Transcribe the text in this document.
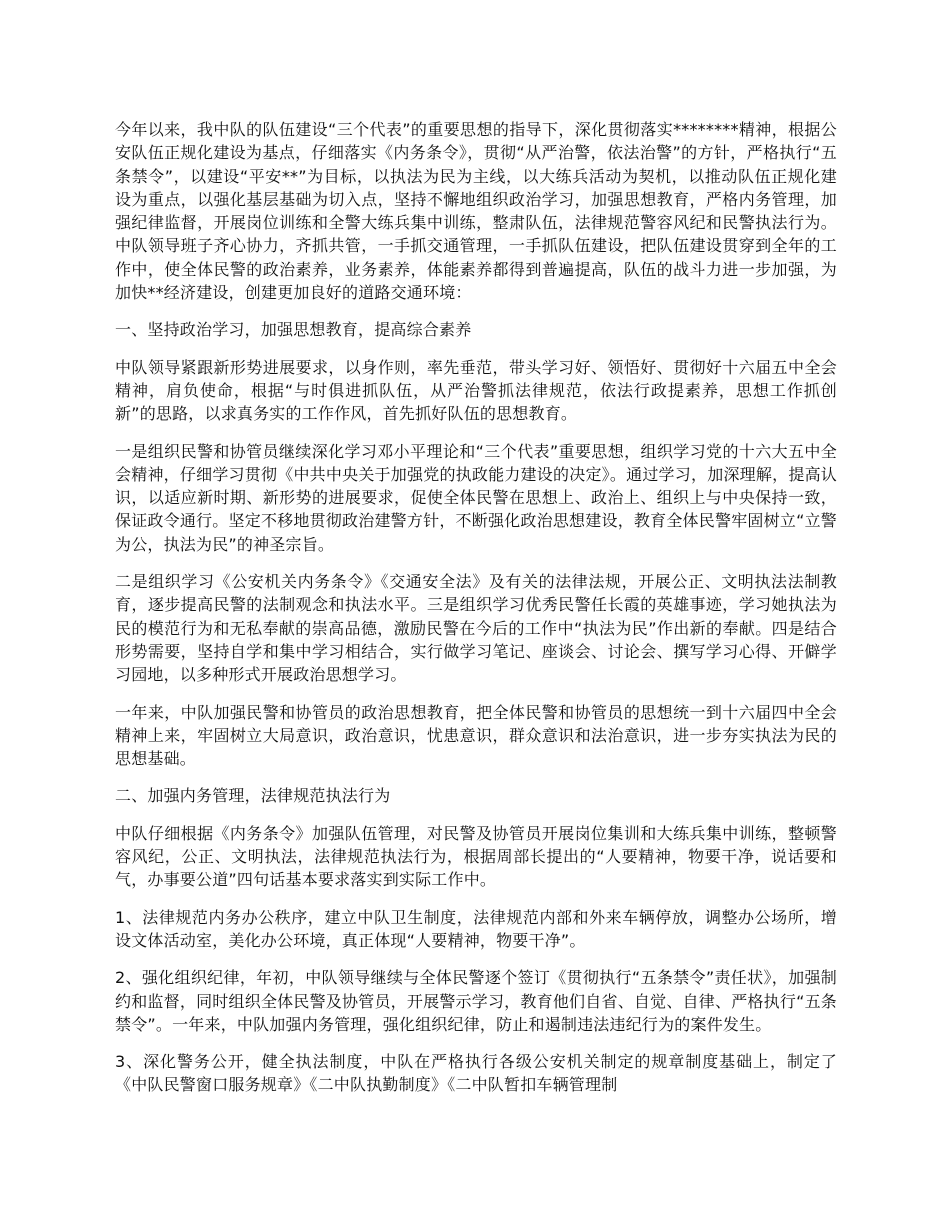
今年以来，我中队的队伍建设“三个代表”的重要思想的指导下，深化贯彻落实********精神，根据公安队伍正规化建设为基点，仔细落实《内务条令》，贯彻“从严治警，依法治警”的方针，严格执行“五条禁令”，以建设“平安**”为目标，以执法为民为主线，以大练兵活动为契机，以推动队伍正规化建设为重点，以强化基层基础为切入点，坚持不懈地组织政治学习，加强思想教育，严格内务管理，加强纪律监督，开展岗位训练和全警大练兵集中训练，整肃队伍，法律规范警容风纪和民警执法行为。中队领导班子齐心协力，齐抓共管，一手抓交通管理，一手抓队伍建设，把队伍建设贯穿到全年的工作中，使全体民警的政治素养，业务素养，体能素养都得到普遍提高，队伍的战斗力进一步加强，为加快**经济建设，创建更加良好的道路交通环境：

一、坚持政治学习，加强思想教育，提高综合素养

中队领导紧跟新形势进展要求，以身作则，率先垂范，带头学习好、领悟好、贯彻好十六届五中全会精神，肩负使命，根据“与时俱进抓队伍，从严治警抓法律规范，依法行政提素养，思想工作抓创新”的思路，以求真务实的工作作风，首先抓好队伍的思想教育。

一是组织民警和协管员继续深化学习邓小平理论和“三个代表”重要思想，组织学习党的十六大五中全会精神，仔细学习贯彻《中共中央关于加强党的执政能力建设的决定》。通过学习，加深理解，提高认识，以适应新时期、新形势的进展要求，促使全体民警在思想上、政治上、组织上与中央保持一致，保证政令通行。坚定不移地贯彻政治建警方针，不断强化政治思想建设，教育全体民警牢固树立“立警为公，执法为民”的神圣宗旨。

二是组织学习《公安机关内务条令》《交通安全法》及有关的法律法规，开展公正、文明执法法制教育，逐步提高民警的法制观念和执法水平。三是组织学习优秀民警任长霞的英雄事迹，学习她执法为民的模范行为和无私奉献的崇高品德，激励民警在今后的工作中“执法为民”作出新的奉献。四是结合形势需要，坚持自学和集中学习相结合，实行做学习笔记、座谈会、讨论会、撰写学习心得、开僻学习园地，以多种形式开展政治思想学习。

一年来，中队加强民警和协管员的政治思想教育，把全体民警和协管员的思想统一到十六届四中全会精神上来，牢固树立大局意识，政治意识，忧患意识，群众意识和法治意识，进一步夯实执法为民的思想基础。

二、加强内务管理，法律规范执法行为

中队仔细根据《内务条令》加强队伍管理，对民警及协管员开展岗位集训和大练兵集中训练，整顿警容风纪，公正、文明执法，法律规范执法行为，根据周部长提出的“人要精神，物要干净，说话要和气，办事要公道”四句话基本要求落实到实际工作中。

1、法律规范内务办公秩序，建立中队卫生制度，法律规范内部和外来车辆停放，调整办公场所，增设文体活动室，美化办公环境，真正体现“人要精神，物要干净”。

2、强化组织纪律，年初，中队领导继续与全体民警逐个签订《贯彻执行“五条禁令”责任状》，加强制约和监督，同时组织全体民警及协管员，开展警示学习，教育他们自省、自觉、自律、严格执行“五条禁令”。一年来，中队加强内务管理，强化组织纪律，防止和遏制违法违纪行为的案件发生。

3、深化警务公开，健全执法制度，中队在严格执行各级公安机关制定的规章制度基础上，制定了《中队民警窗口服务规章》《二中队执勤制度》《二中队暂扣车辆管理制
